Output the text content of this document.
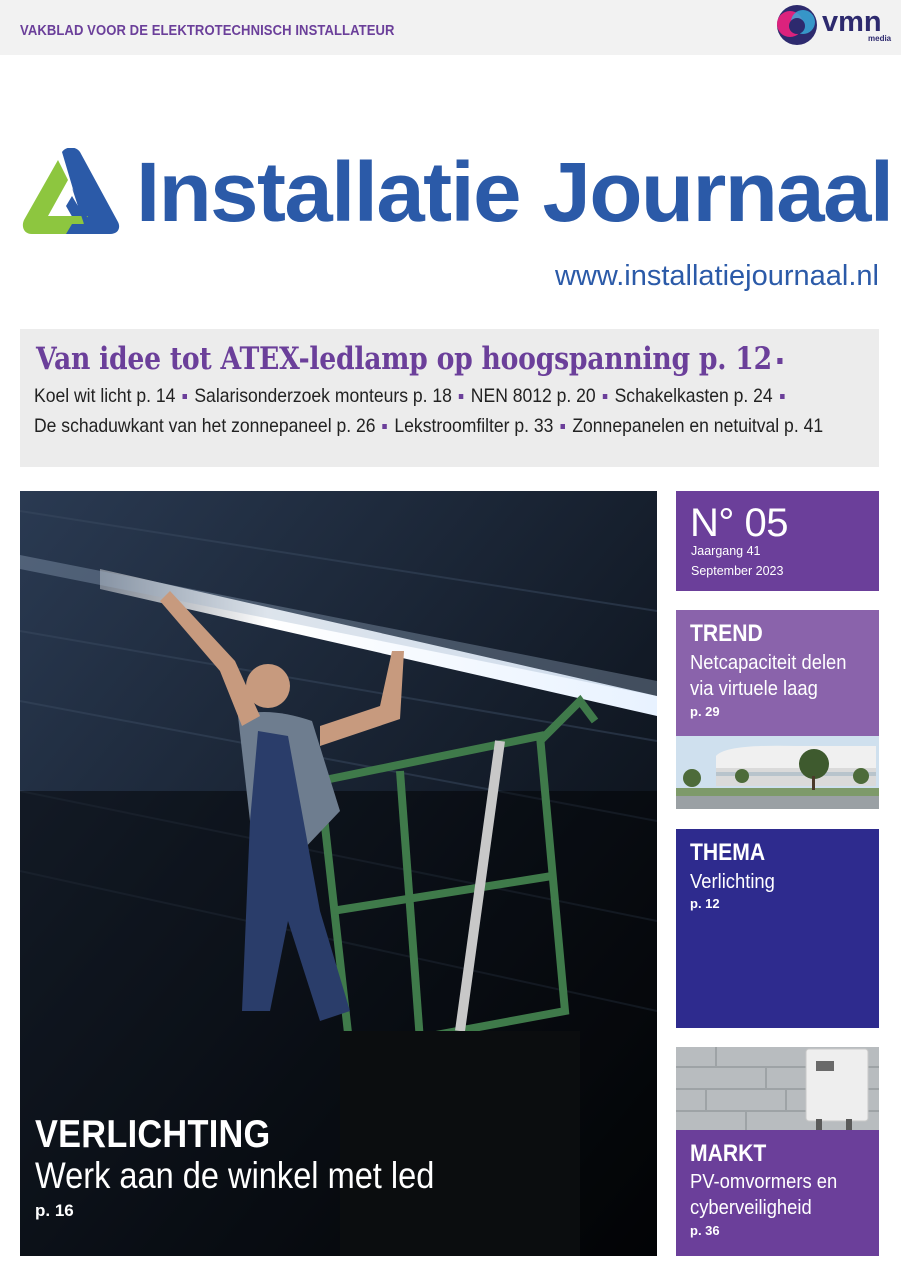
VAKBLAD VOOR DE ELEKTROTECHNISCH INSTALLATEUR	vmn
media
Installatie Journaal
www.installatiejournaal.nl
Van idee tot ATEX-ledlamp op hoogspanning p. 12
Koel wit licht p. 14 Salarisonderzoek monteurs p. 18 NEN 8012 p. 20 Schakelkasten p. 24
De schaduwkant van het zonnepaneel p. 26 Lekstroomfilter p. 33 Zonnepanelen en netuitval p. 41
VERLICHTING
Werk aan de winkel met led
p. 16
N° 05
Jaargang 41
September 2023
TREND
Netcapaciteit delen via virtuele laag
p. 29
THEMA
Verlichting
p. 12
MARKT
PV-omvormers en cyberveiligheid
p. 36
